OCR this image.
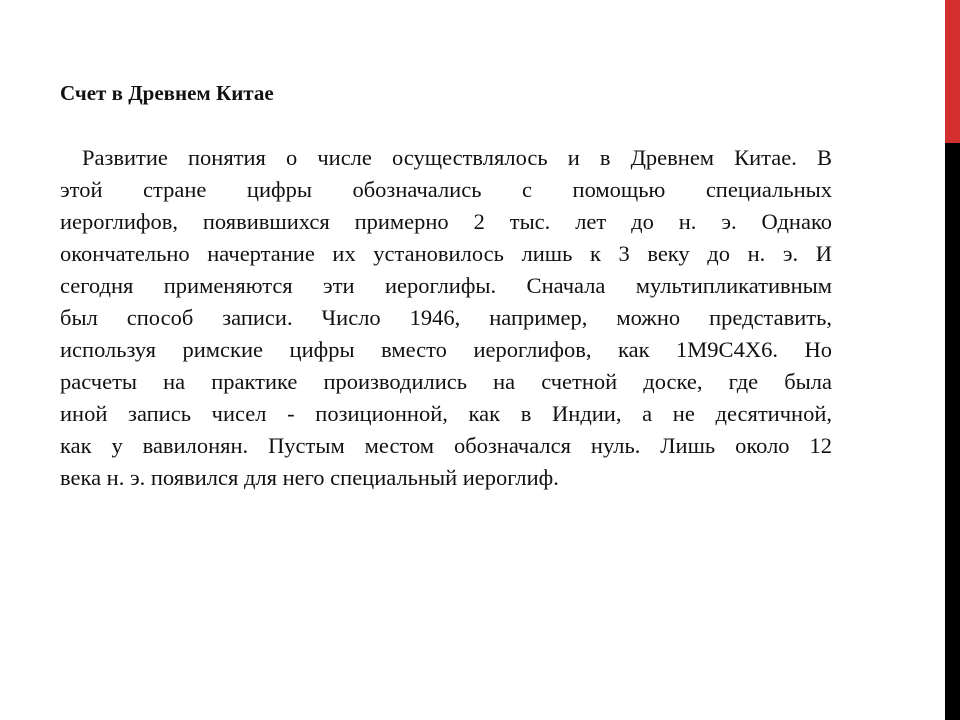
Счет в Древнем Китае
Развитие понятия о числе осуществлялось и в Древнем Китае. В
этой стране цифры обозначались с помощью специальных
иероглифов, появившихся примерно 2 тыс. лет до н. э. Однако
окончательно начертание их установилось лишь к 3 веку до н. э. И
сегодня применяются эти иероглифы. Сначала мультипликативным
был способ записи. Число 1946, например, можно представить,
используя римские цифры вместо иероглифов, как 1M9C4X6. Но
расчеты на практике производились на счетной доске, где была
иной запись чисел - позиционной, как в Индии, а не десятичной,
как у вавилонян. Пустым местом обозначался нуль. Лишь около 12
века н. э. появился для него специальный иероглиф.
